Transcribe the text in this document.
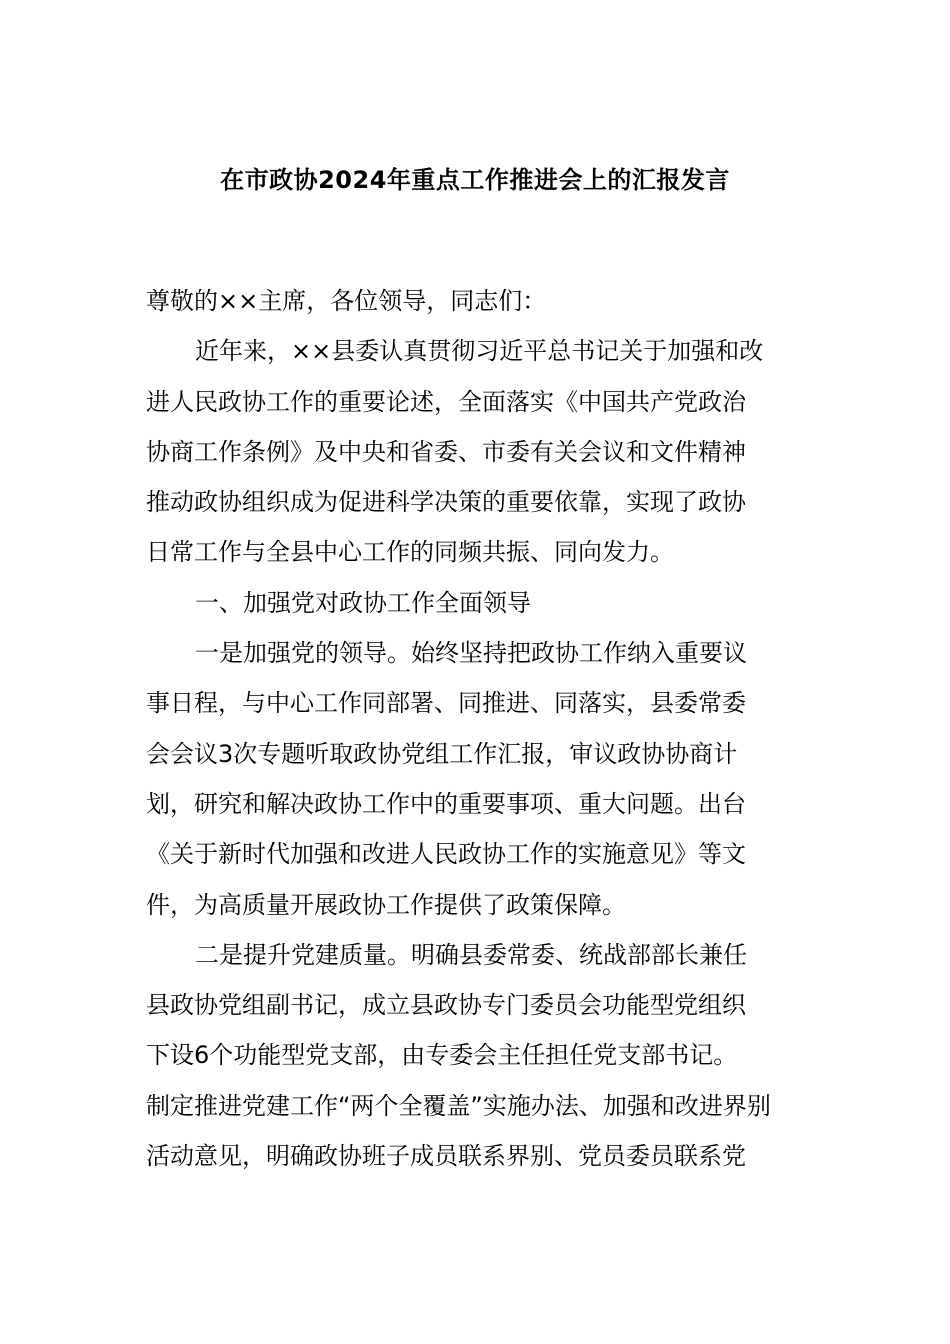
在市政协2024年重点工作推进会上的汇报发言
尊敬的××主席，各位领导，同志们：
近年来，××县委认真贯彻习近平总书记关于加强和改
进人民政协工作的重要论述，全面落实《中国共产党政治
协商工作条例》及中央和省委、市委有关会议和文件精神
推动政协组织成为促进科学决策的重要依靠，实现了政协
日常工作与全县中心工作的同频共振、同向发力。
一、加强党对政协工作全面领导
一是加强党的领导。始终坚持把政协工作纳入重要议
事日程，与中心工作同部署、同推进、同落实，县委常委
会会议3次专题听取政协党组工作汇报，审议政协协商计
划，研究和解决政协工作中的重要事项、重大问题。出台
《关于新时代加强和改进人民政协工作的实施意见》等文
件，为高质量开展政协工作提供了政策保障。
二是提升党建质量。明确县委常委、统战部部长兼任
县政协党组副书记，成立县政协专门委员会功能型党组织
下设6个功能型党支部，由专委会主任担任党支部书记。
制定推进党建工作“两个全覆盖”实施办法、加强和改进界别
活动意见，明确政协班子成员联系界别、党员委员联系党
